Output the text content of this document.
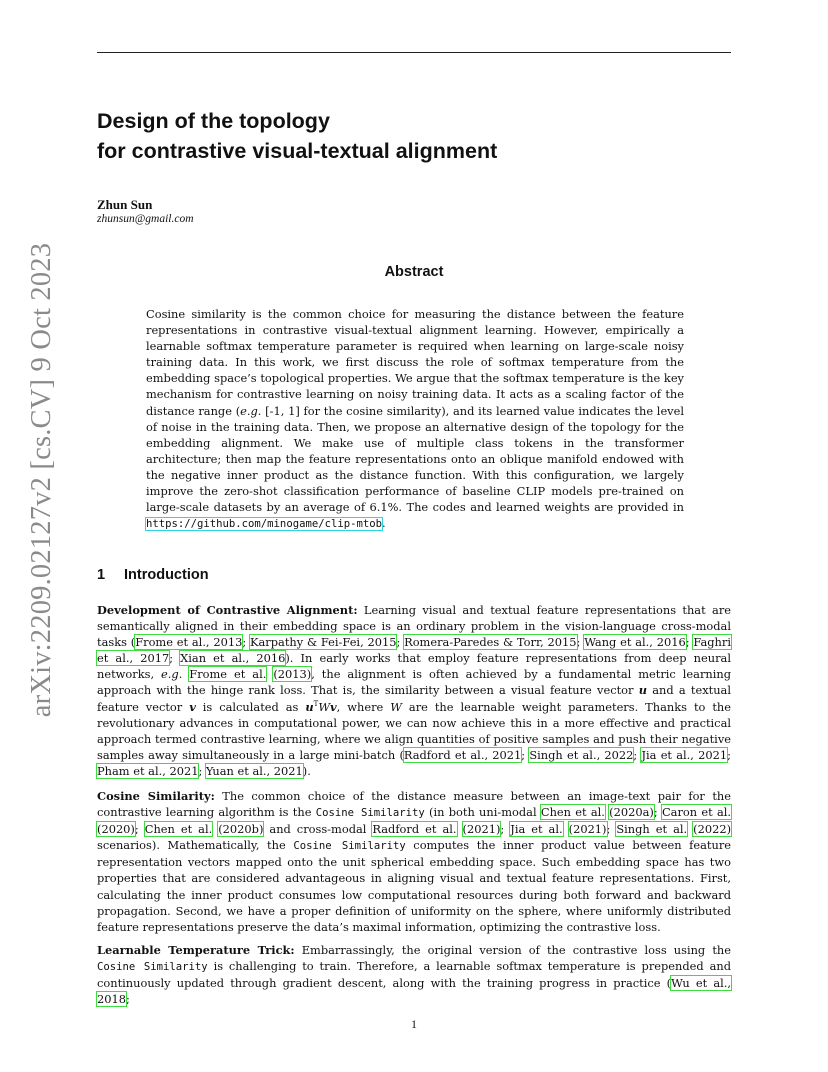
arXiv:2209.02127v2 [cs.CV] 9 Oct 2023
Design of the topology
for contrastive visual-textual alignment
Zhun Sun
zhunsun@gmail.com
Abstract

Cosine similarity is the common choice for measuring the distance between the feature representations in contrastive visual-textual alignment learning. However, empirically a learnable softmax temperature parameter is required when learning on large-scale noisy training data. In this work, we first discuss the role of softmax temperature from the embedding space’s topological properties. We argue that the softmax temperature is the key mechanism for contrastive learning on noisy training data. It acts as a scaling factor of the distance range (e.g. [-1, 1] for the cosine similarity), and its learned value indicates the level of noise in the training data. Then, we propose an alternative design of the topology for the embedding alignment. We make use of multiple class tokens in the transformer architecture; then map the feature representations onto an oblique manifold endowed with the negative inner product as the distance function. With this configuration, we largely improve the zero-shot classification performance of baseline CLIP models pre-trained on large-scale datasets by an average of 6.1%. The codes and learned weights are provided in https://github.com/minogame/clip-mtob.

1 Introduction

Development of Contrastive Alignment: Learning visual and textual feature representations that are semantically aligned in their embedding space is an ordinary problem in the vision-language cross-modal tasks (Frome et al., 2013; Karpathy & Fei-Fei, 2015; Romera-Paredes & Torr, 2015; Wang et al., 2016; Faghri et al., 2017; Xian et al., 2016). In early works that employ feature representations from deep neural networks, e.g. Frome et al. (2013), the alignment is often achieved by a fundamental metric learning approach with the hinge rank loss. That is, the similarity between a visual feature vector u and a textual feature vector v is calculated as $u^TWv$, where W are the learnable weight parameters. Thanks to the revolutionary advances in computational power, we can now achieve this in a more effective and practical approach termed contrastive learning, where we align quantities of positive samples and push their negative samples away simultaneously in a large mini-batch (Radford et al., 2021; Singh et al., 2022; Jia et al., 2021; Pham et al., 2021; Yuan et al., 2021).

Cosine Similarity: The common choice of the distance measure between an image-text pair for the contrastive learning algorithm is the Cosine Similarity (in both uni-modal Chen et al. (2020a); Caron et al. (2020); Chen et al. (2020b) and cross-modal Radford et al. (2021); Jia et al. (2021); Singh et al. (2022) scenarios). Mathematically, the Cosine Similarity computes the inner product value between feature representation vectors mapped onto the unit spherical embedding space. Such embedding space has two properties that are considered advantageous in aligning visual and textual feature representations. First, calculating the inner product consumes low computational resources during both forward and backward propagation. Second, we have a proper definition of uniformity on the sphere, where uniformly distributed feature representations preserve the data’s maximal information, optimizing the contrastive loss.

Learnable Temperature Trick: Embarrassingly, the original version of the contrastive loss using the Cosine Similarity is challenging to train. Therefore, a learnable softmax temperature is prepended and continuously updated through gradient descent, along with the training progress in practice (Wu et al., 2018;

1
